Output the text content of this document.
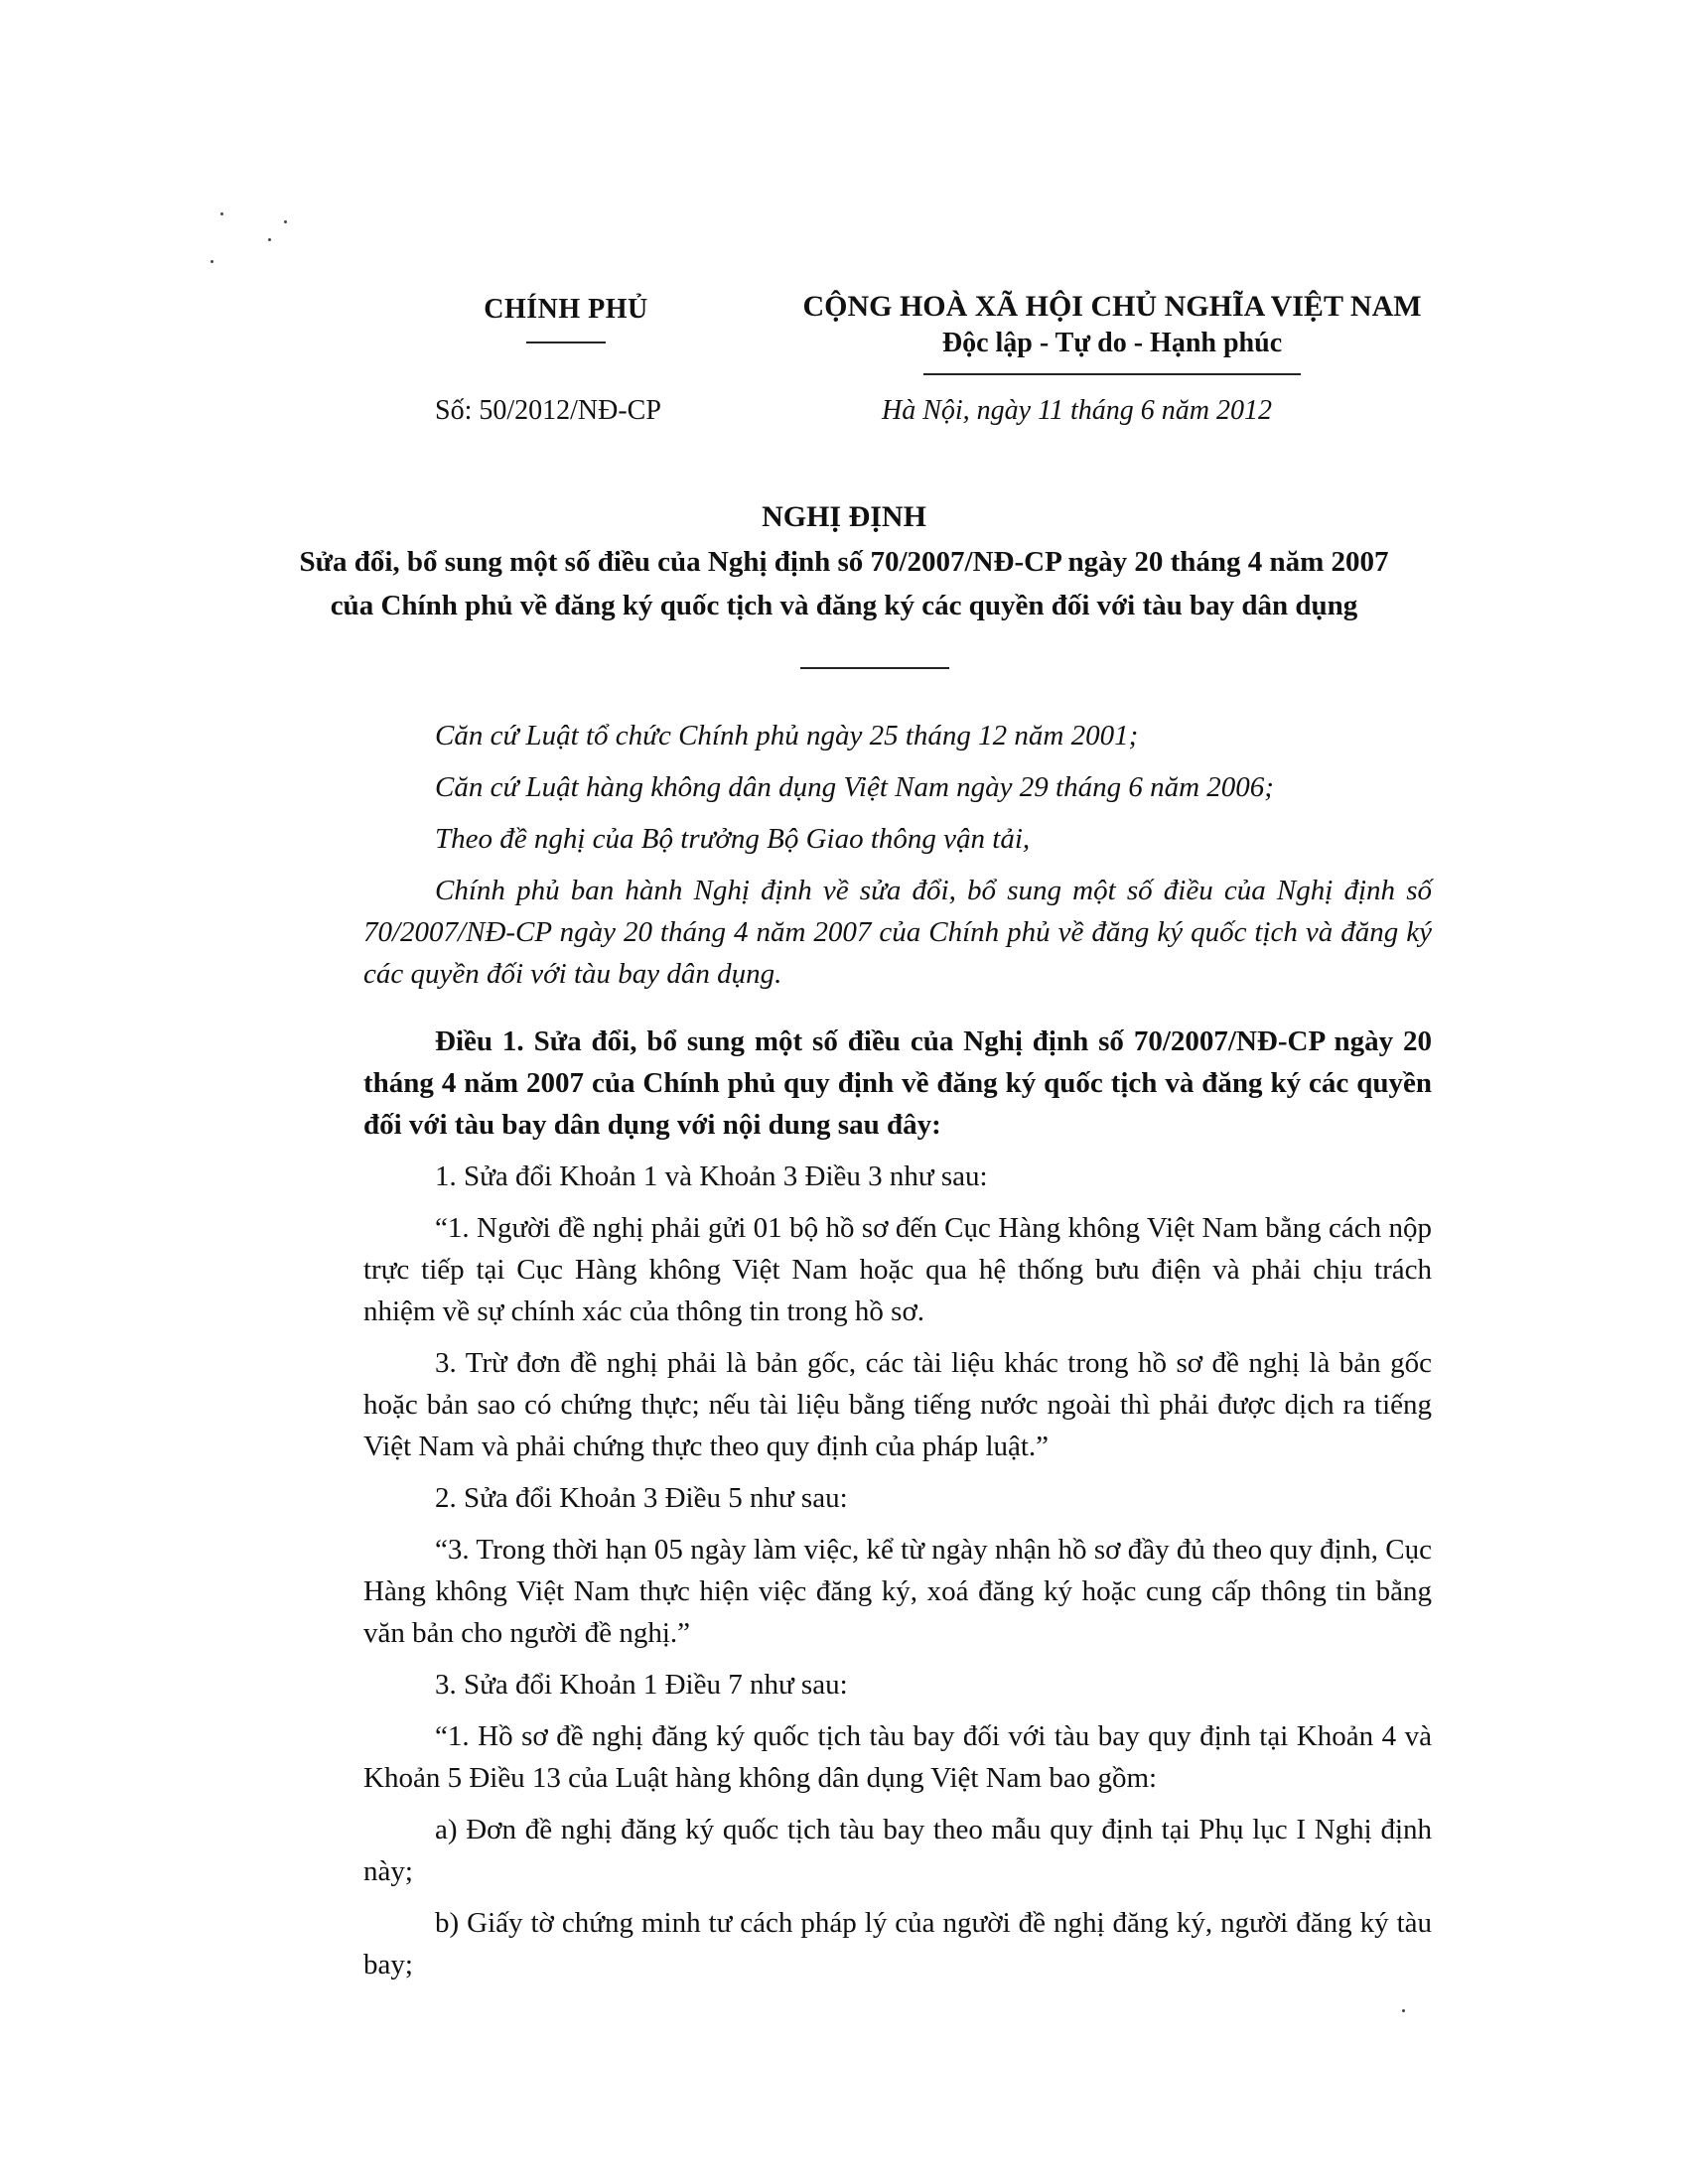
CHÍNH PHỦ	CỘNG HOÀ XÃ HỘI CHỦ NGHĨA VIỆT NAM
Độc lập - Tự do - Hạnh phúc
Số: 50/2012/NĐ-CP	Hà Nội, ngày 11 tháng 6 năm 2012
NGHỊ ĐỊNH
Sửa đổi, bổ sung một số điều của Nghị định số 70/2007/NĐ-CP ngày 20 tháng 4 năm 2007 của Chính phủ về đăng ký quốc tịch và đăng ký các quyền đối với tàu bay dân dụng

Căn cứ Luật tổ chức Chính phủ ngày 25 tháng 12 năm 2001;

Căn cứ Luật hàng không dân dụng Việt Nam ngày 29 tháng 6 năm 2006;

Theo đề nghị của Bộ trưởng Bộ Giao thông vận tải,

Chính phủ ban hành Nghị định về sửa đổi, bổ sung một số điều của Nghị định số 70/2007/NĐ-CP ngày 20 tháng 4 năm 2007 của Chính phủ về đăng ký quốc tịch và đăng ký các quyền đối với tàu bay dân dụng.

Điều 1. Sửa đổi, bổ sung một số điều của Nghị định số 70/2007/NĐ-CP ngày 20 tháng 4 năm 2007 của Chính phủ quy định về đăng ký quốc tịch và đăng ký các quyền đối với tàu bay dân dụng với nội dung sau đây:

1. Sửa đổi Khoản 1 và Khoản 3 Điều 3 như sau:

“1. Người đề nghị phải gửi 01 bộ hồ sơ đến Cục Hàng không Việt Nam bằng cách nộp trực tiếp tại Cục Hàng không Việt Nam hoặc qua hệ thống bưu điện và phải chịu trách nhiệm về sự chính xác của thông tin trong hồ sơ.

3. Trừ đơn đề nghị phải là bản gốc, các tài liệu khác trong hồ sơ đề nghị là bản gốc hoặc bản sao có chứng thực; nếu tài liệu bằng tiếng nước ngoài thì phải được dịch ra tiếng Việt Nam và phải chứng thực theo quy định của pháp luật.”

2. Sửa đổi Khoản 3 Điều 5 như sau:

“3. Trong thời hạn 05 ngày làm việc, kể từ ngày nhận hồ sơ đầy đủ theo quy định, Cục Hàng không Việt Nam thực hiện việc đăng ký, xoá đăng ký hoặc cung cấp thông tin bằng văn bản cho người đề nghị.”

3. Sửa đổi Khoản 1 Điều 7 như sau:

“1. Hồ sơ đề nghị đăng ký quốc tịch tàu bay đối với tàu bay quy định tại Khoản 4 và Khoản 5 Điều 13 của Luật hàng không dân dụng Việt Nam bao gồm:

a) Đơn đề nghị đăng ký quốc tịch tàu bay theo mẫu quy định tại Phụ lục I Nghị định này;

b) Giấy tờ chứng minh tư cách pháp lý của người đề nghị đăng ký, người đăng ký tàu bay;
